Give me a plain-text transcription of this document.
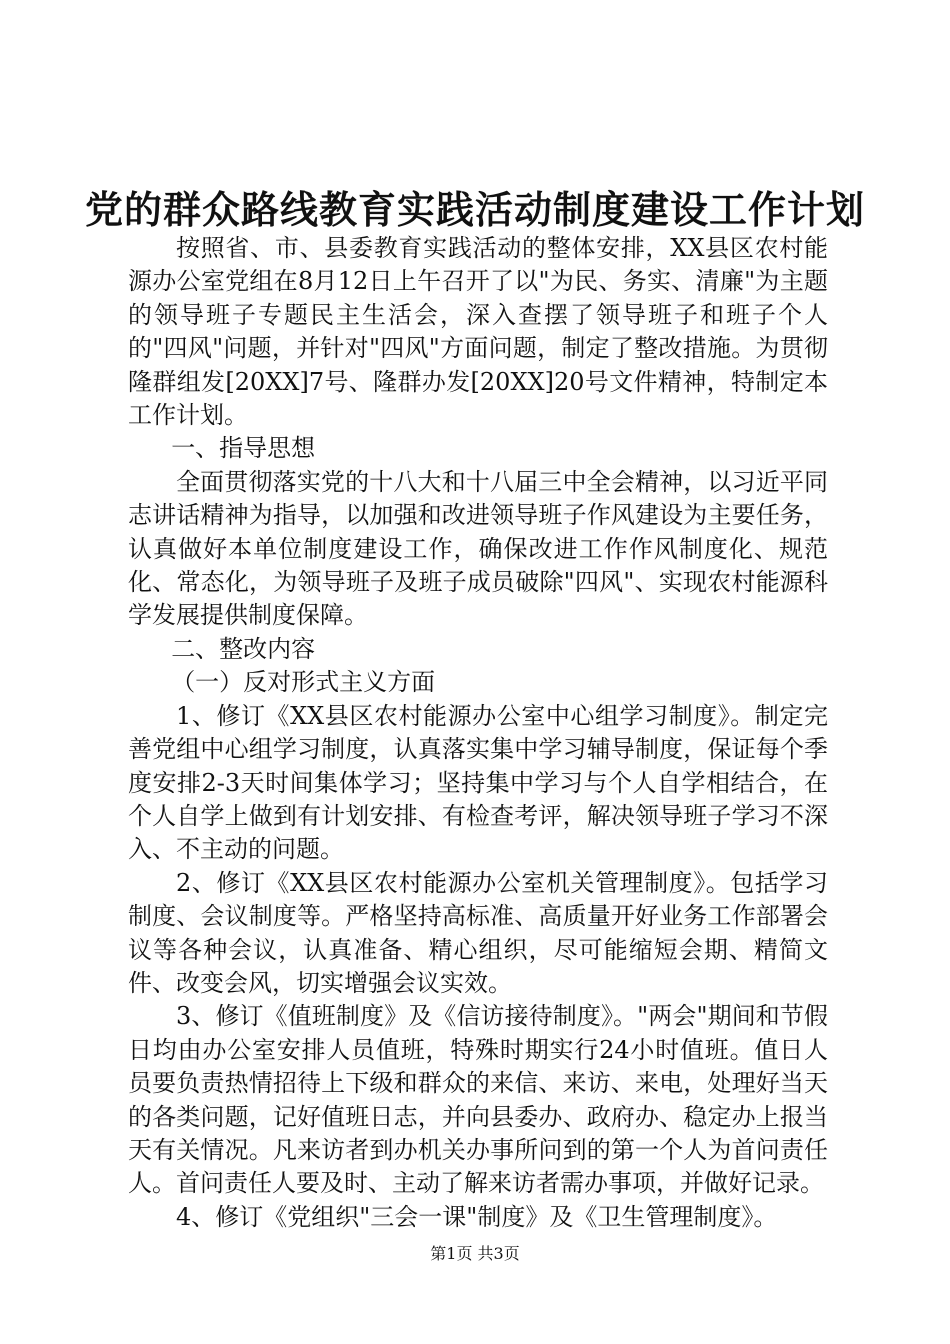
党的群众路线教育实践活动制度建设工作计划

按照省、市、县委教育实践活动的整体安排，XX县区农村能源办公室党组在8月12日上午召开了以"为民、务实、清廉"为主题的领导班子专题民主生活会，深入查摆了领导班子和班子个人的"四风"问题，并针对"四风"方面问题，制定了整改措施。为贯彻隆群组发[20XX]7号、隆群办发[20XX]20号文件精神，特制定本工作计划。

一、指导思想

全面贯彻落实党的十八大和十八届三中全会精神，以习近平同志讲话精神为指导，以加强和改进领导班子作风建设为主要任务，认真做好本单位制度建设工作，确保改进工作作风制度化、规范化、常态化，为领导班子及班子成员破除"四风"、实现农村能源科学发展提供制度保障。

二、整改内容

（一）反对形式主义方面

1、修订《XX县区农村能源办公室中心组学习制度》。制定完善党组中心组学习制度，认真落实集中学习辅导制度，保证每个季度安排2-3天时间集体学习；坚持集中学习与个人自学相结合，在个人自学上做到有计划安排、有检查考评，解决领导班子学习不深入、不主动的问题。

2、修订《XX县区农村能源办公室机关管理制度》。包括学习制度、会议制度等。严格坚持高标准、高质量开好业务工作部署会议等各种会议，认真准备、精心组织，尽可能缩短会期、精简文件、改变会风，切实增强会议实效。

3、修订《值班制度》及《信访接待制度》。"两会"期间和节假日均由办公室安排人员值班，特殊时期实行24小时值班。值日人员要负责热情招待上下级和群众的来信、来访、来电，处理好当天的各类问题，记好值班日志，并向县委办、政府办、稳定办上报当天有关情况。凡来访者到办机关办事所问到的第一个人为首问责任人。首问责任人要及时、主动了解来访者需办事项，并做好记录。

4、修订《党组织"三会一课"制度》及《卫生管理制度》。

第1页 共3页
